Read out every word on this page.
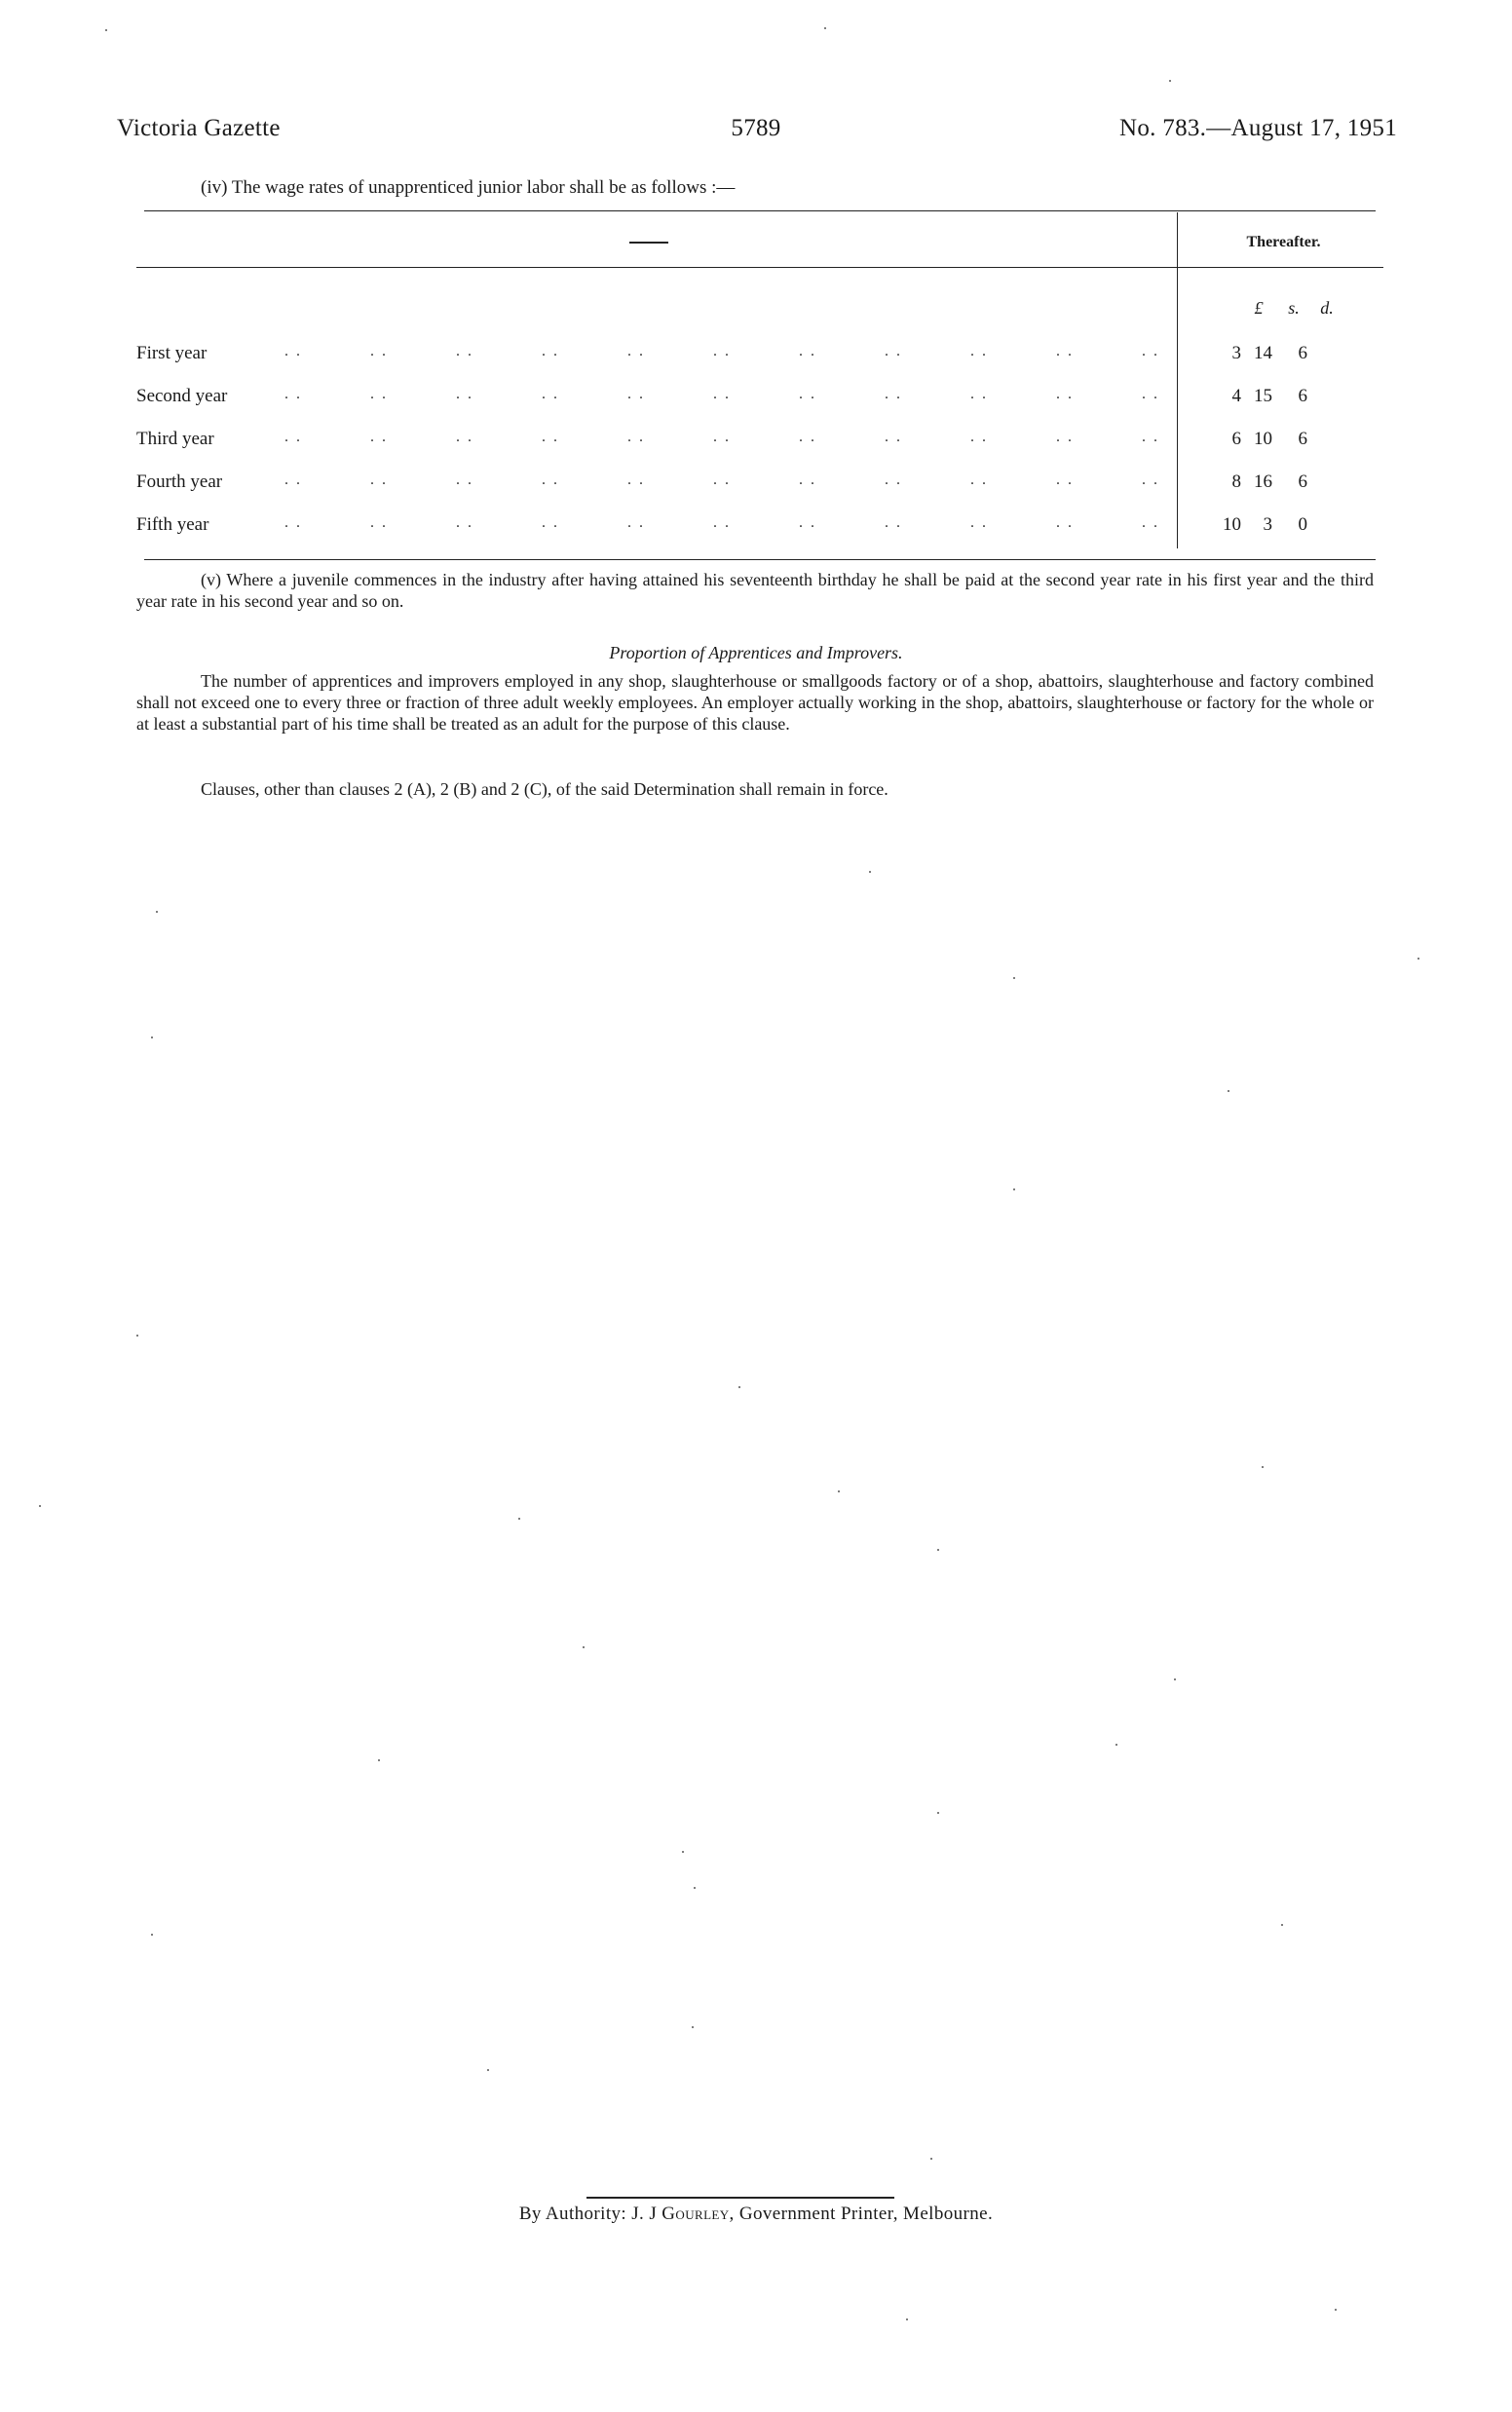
Victoria Gazette	5789	No. 783.—August 17, 1951
(iv) The wage rates of unapprenticed junior labor shall be as follows :—
Thereafter.
£	s.	d.
First year	. .	. .	. .	. .	. .	. .	. .	. .	. .	. .	. .	3 14	6
Second year	. .	. .	. .	. .	. .	. .	. .	. .	. .	. .	. .	4 15	6
Third year	. .	. .	. .	. .	. .	. .	. .	. .	. .	. .	. .	6 10	6
Fourth year	. .	. .	. .	. .	. .	. .	. .	. .	. .	. .	. .	8 16	6
Fifth year	. .	. .	. .	. .	. .	. .	. .	. .	. .	. .	. .	10	3	0

(v) Where a juvenile commences in the industry after having attained his seventeenth birthday he shall be paid at the second year rate in his first year and the third year rate in his second year and so on.

Proportion of Apprentices and Improvers.

The number of apprentices and improvers employed in any shop, slaughterhouse or smallgoods factory or of a shop, abattoirs, slaughterhouse and factory combined shall not exceed one to every three or fraction of three adult weekly employees. An employer actually working in the shop, abattoirs, slaughterhouse or factory for the whole or at least a substantial part of his time shall be treated as an adult for the purpose of this clause.

Clauses, other than clauses 2 (A), 2 (B) and 2 (C), of the said Determination shall remain in force.
By Authority: J. J Gourley, Government Printer, Melbourne.
